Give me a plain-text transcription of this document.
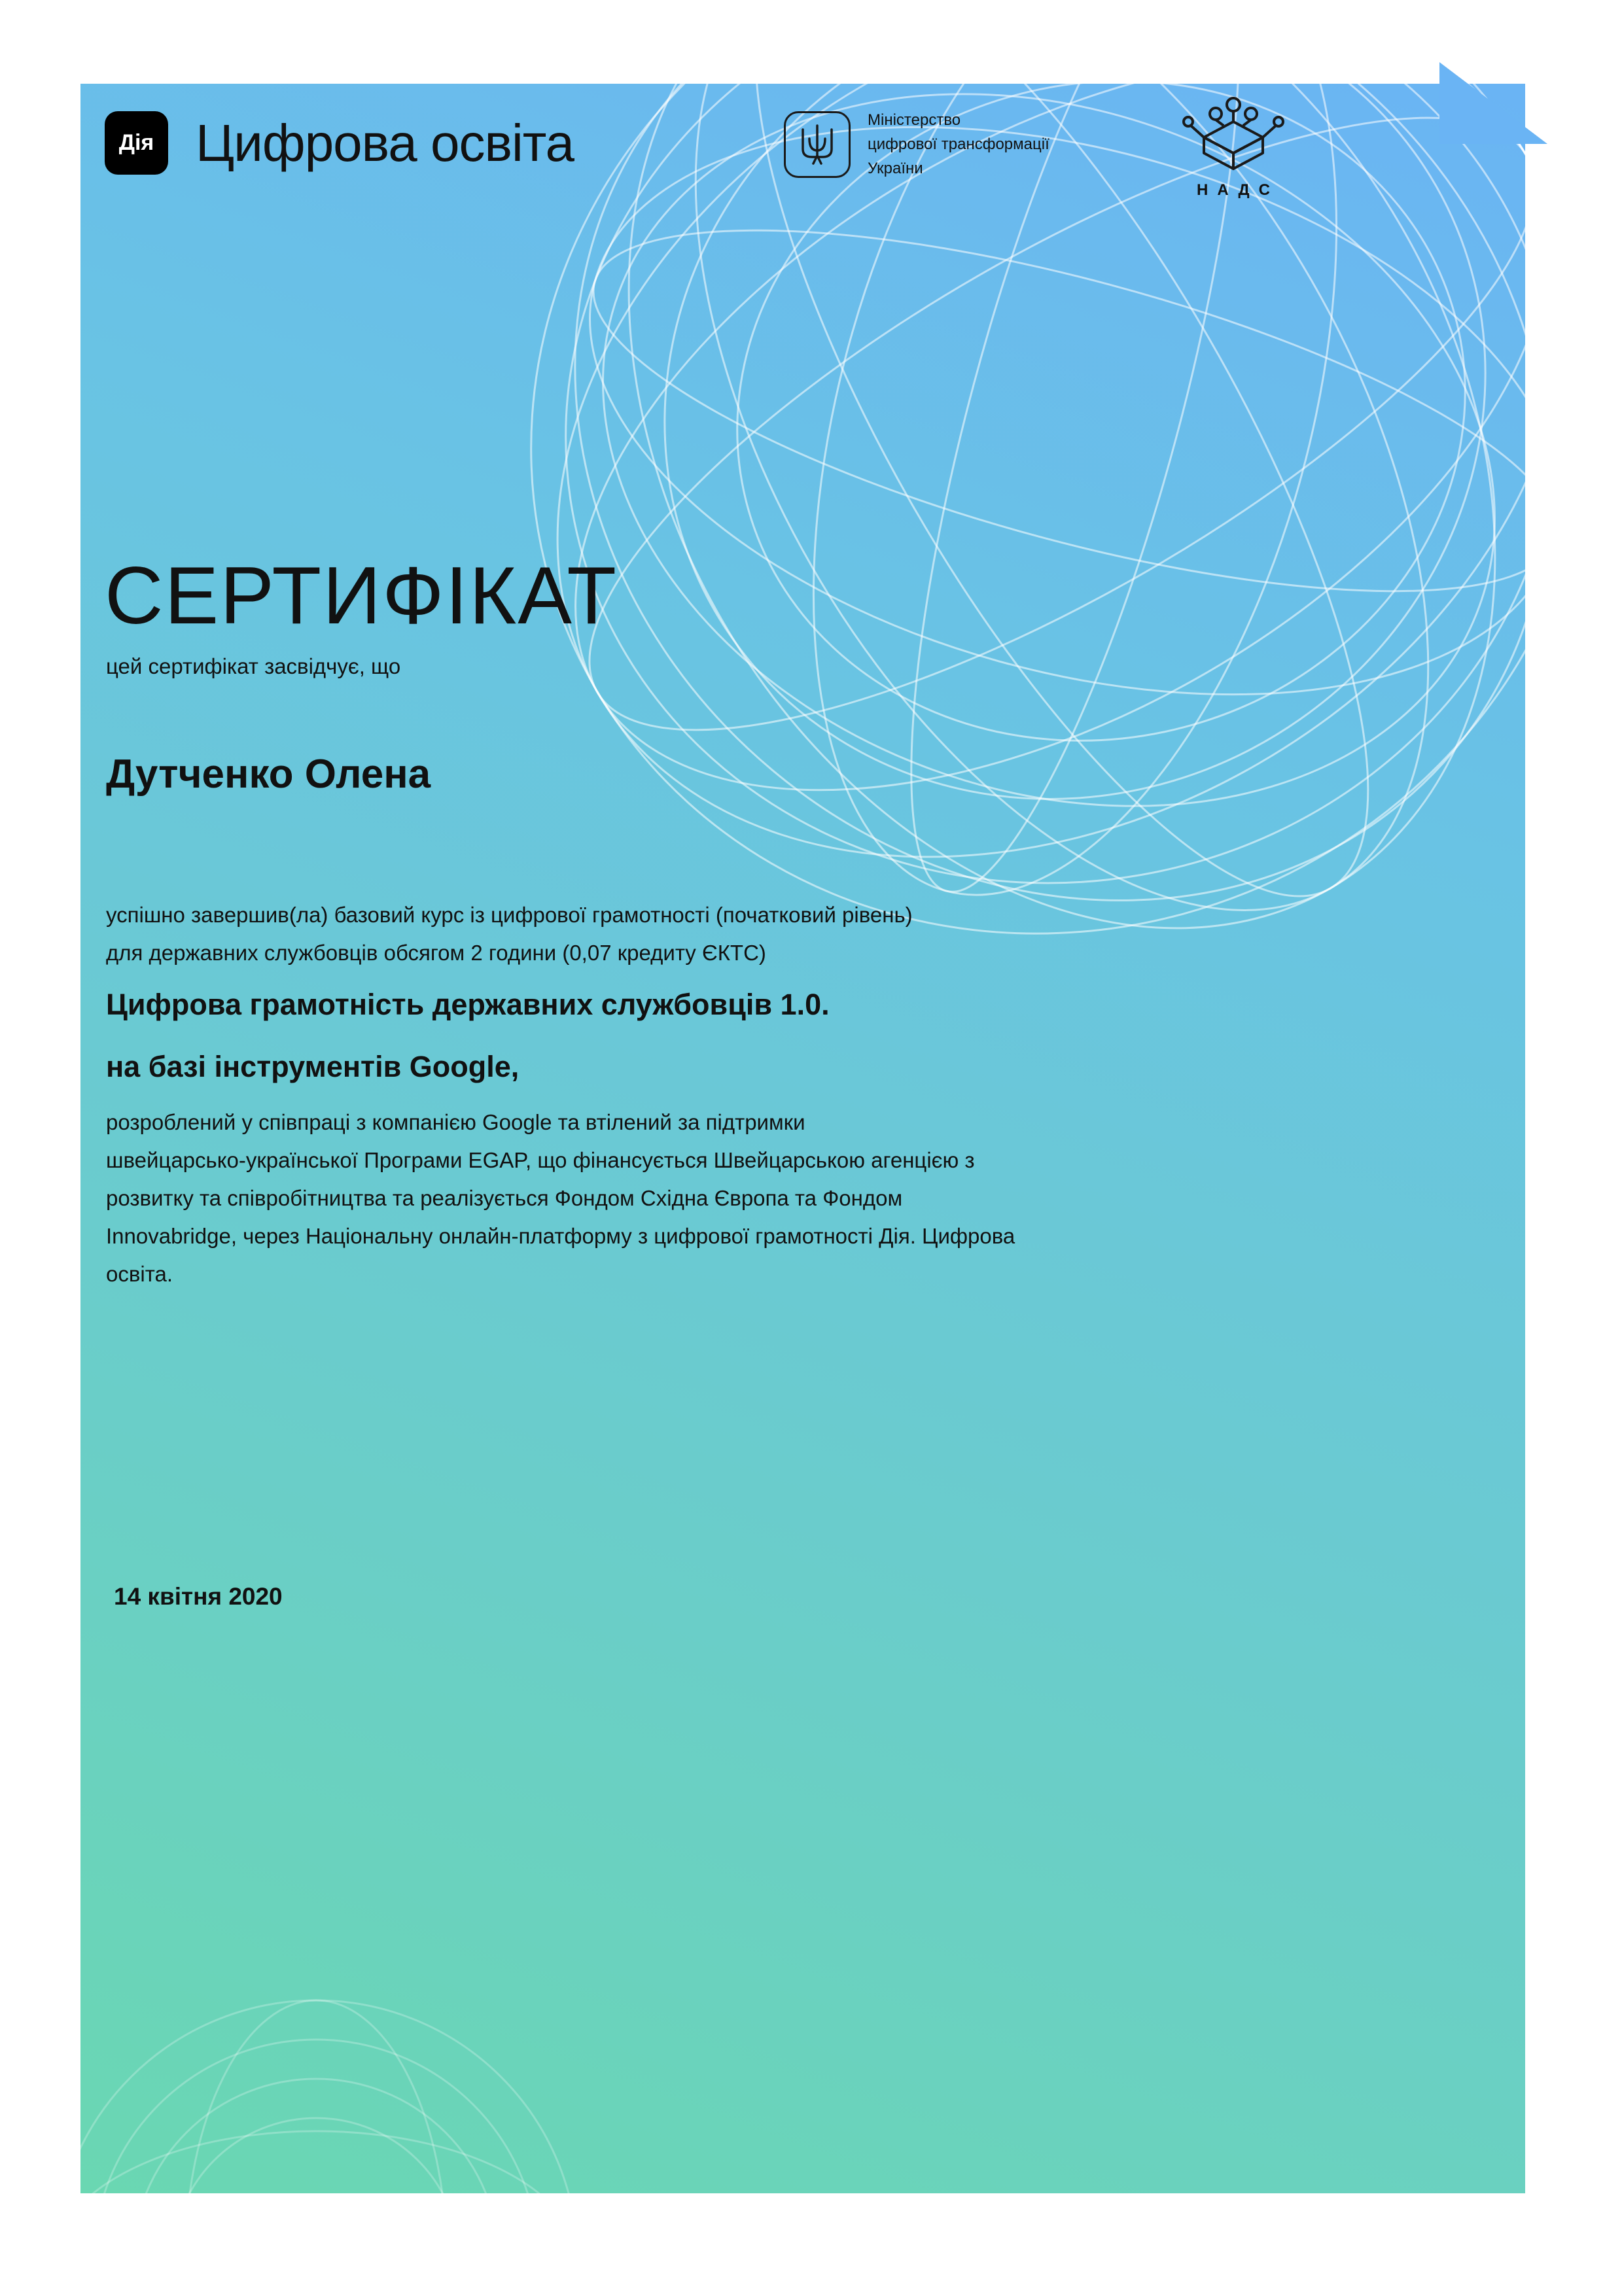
Дія Цифрова освіта	Міністерство
цифрової трансформації
України
НАДС
СЕРТИФІКАТ
цей сертифікат засвідчує, що
Дутченко Олена
успішно завершив(ла) базовий курс із цифрової грамотності (початковий рівень)
для державних службовців обсягом 2 години (0,07 кредиту ЄКТС)
Цифрова грамотність державних службовців 1.0.
на базі інструментів Google,
розроблений у співпраці з компанією Google та втілений за підтримки
швейцарсько-української Програми EGAP, що фінансується Швейцарською агенцією з
розвитку та співробітництва та реалізується Фондом Східна Європа та Фондом
Innovabridge, через Національну онлайн-платформу з цифрової грамотності Дія. Цифрова
освіта.
14 квітня 2020
